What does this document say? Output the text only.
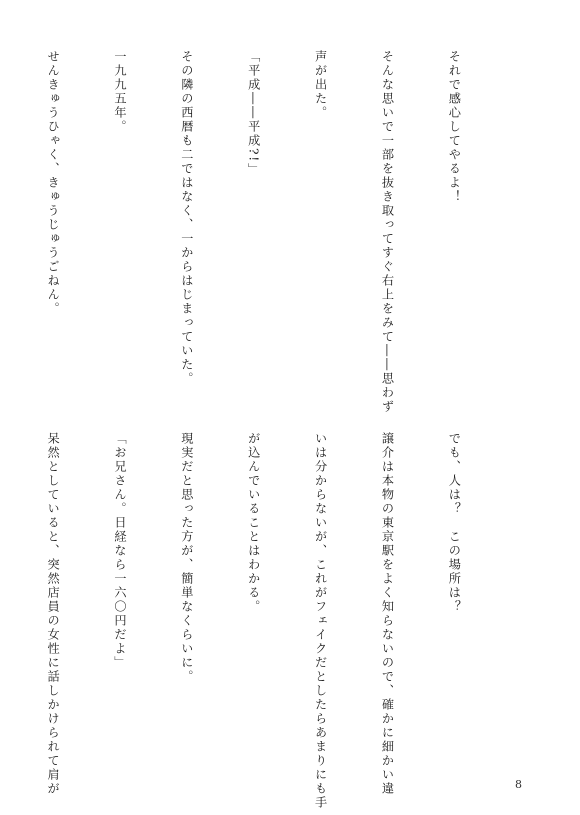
それで感心してやるよ！

そんな思いで一部を抜き取ってすぐ右上をみて――思わず

声が出た。

「平成――平成?!」

その隣の西暦も二ではなく、一からはじまっていた。

一九九五年。

せんきゅうひゃく、きゅうじゅうごねん。

でも、人は？　この場所は？

譲介は本物の東京駅をよく知らないので、確かに細かい違

いは分からないが、これがフェイクだとしたらあまりにも手

が込んでいることはわかる。

現実だと思った方が、簡単なくらいに。

「お兄さん。日経なら一六〇円だよ」

呆然としていると、突然店員の女性に話しかけられて肩が

	8
